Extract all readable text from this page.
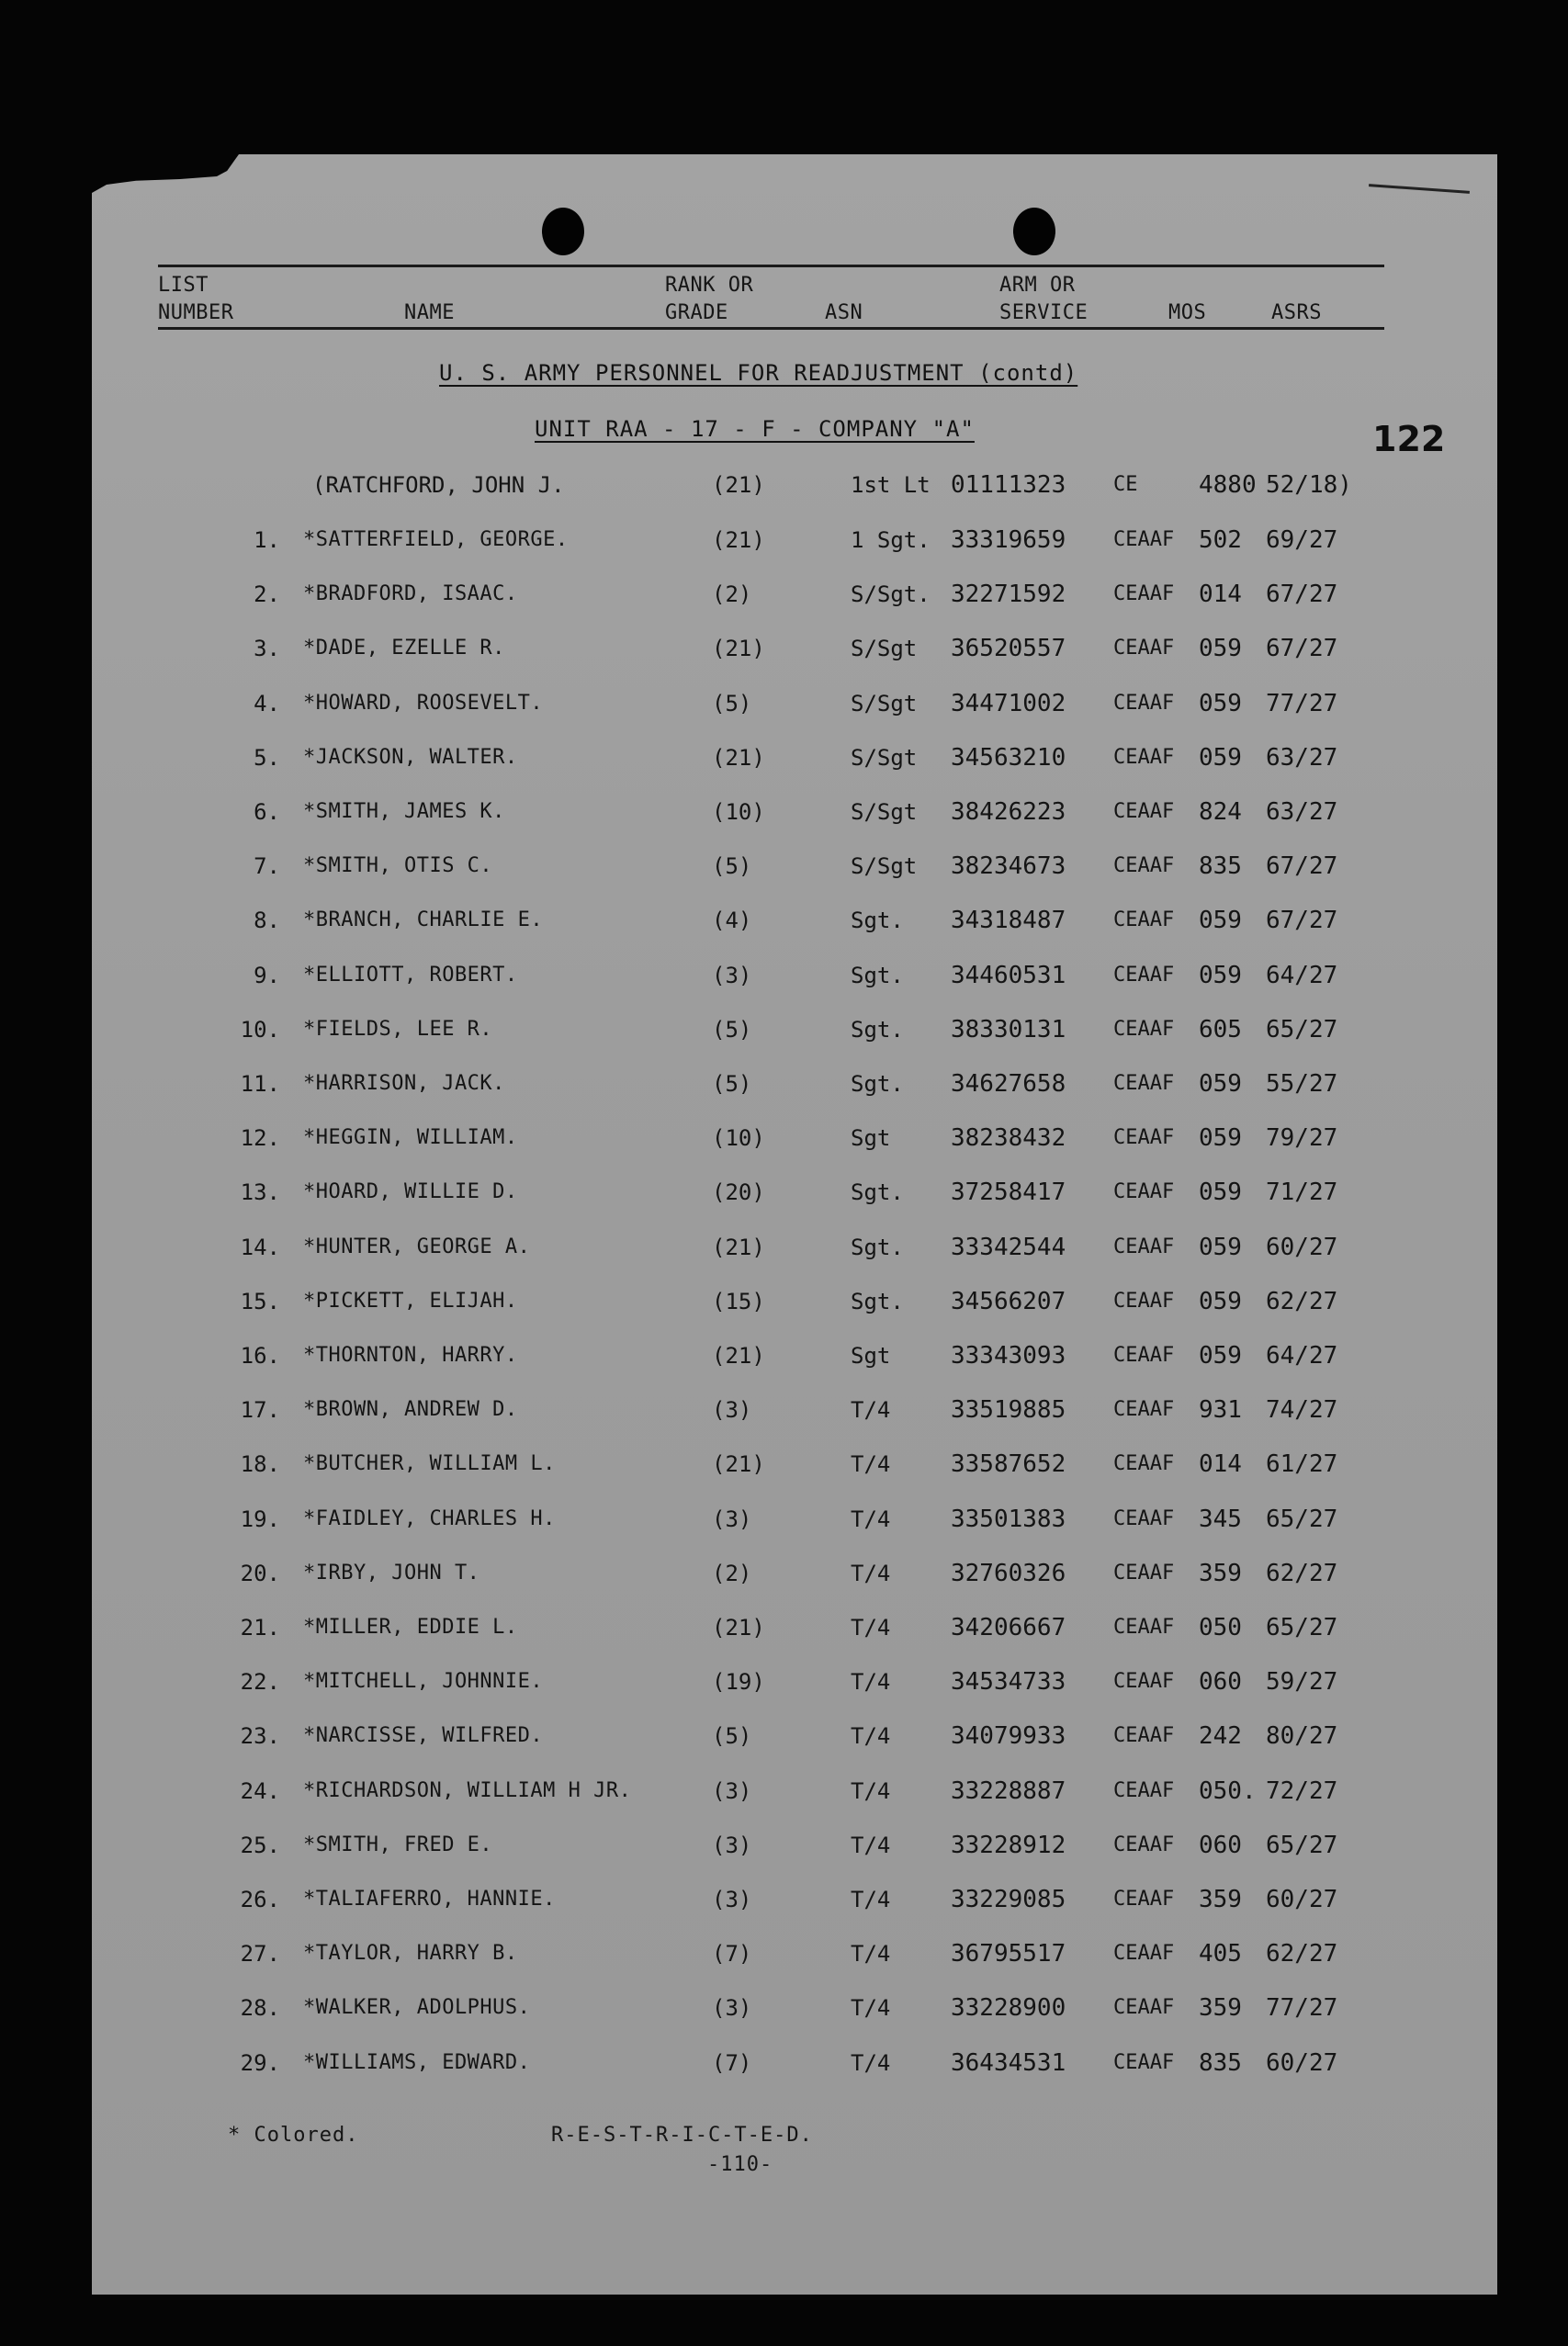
LIST
NUMBER	NAME
RANK OR
GRADE	ASN
ARM OR
SERVICE	MOS	ASRS
U. S. ARMY PERSONNEL FOR READJUSTMENT (contd)
UNIT RAA - 17 - F - COMPANY "A"	122
(RATCHFORD, JOHN J.	(21)	1st Lt 01111323 CE	4880 52/18)
1. *SATTERFIELD, GEORGE.	(21)	1 Sgt. 33319659 CEAAF 502 69/27
2. *BRADFORD, ISAAC.	(2)	S/Sgt. 32271592 CEAAF 014 67/27
3. *DADE, EZELLE R.	(21)	S/Sgt 36520557 CEAAF 059 67/27
4. *HOWARD, ROOSEVELT.	(5)	S/Sgt 34471002 CEAAF 059 77/27
5. *JACKSON, WALTER.	(21)	S/Sgt 34563210 CEAAF 059 63/27
6. *SMITH, JAMES K.	(10)	S/Sgt 38426223 CEAAF 824 63/27
7. *SMITH, OTIS C.	(5)	S/Sgt 38234673 CEAAF 835 67/27
8. *BRANCH, CHARLIE E.	(4)	Sgt. 34318487 CEAAF 059 67/27
9. *ELLIOTT, ROBERT.	(3)	Sgt. 34460531 CEAAF 059 64/27
10. *FIELDS, LEE R.	(5)	Sgt. 38330131 CEAAF 605 65/27
11. *HARRISON, JACK.	(5)	Sgt. 34627658 CEAAF 059 55/27
12. *HEGGIN, WILLIAM.	(10)	Sgt	38238432 CEAAF 059 79/27
13. *HOARD, WILLIE D.	(20)	Sgt. 37258417 CEAAF 059 71/27
14. *HUNTER, GEORGE A.	(21)	Sgt. 33342544 CEAAF 059 60/27
15. *PICKETT, ELIJAH.	(15)	Sgt. 34566207 CEAAF 059 62/27
16. *THORNTON, HARRY.	(21)	Sgt	33343093 CEAAF 059 64/27
17. *BROWN, ANDREW D.	(3)	T/4	33519885 CEAAF 931 74/27
18. *BUTCHER, WILLIAM L.	(21)	T/4	33587652 CEAAF 014 61/27
19. *FAIDLEY, CHARLES H.	(3)	T/4	33501383 CEAAF 345 65/27
20. *IRBY, JOHN T.	(2)	T/4	32760326 CEAAF 359 62/27
21. *MILLER, EDDIE L.	(21)	T/4	34206667 CEAAF 050 65/27
22. *MITCHELL, JOHNNIE.	(19)	T/4	34534733 CEAAF 060 59/27
23. *NARCISSE, WILFRED.	(5)	T/4	34079933 CEAAF 242 80/27
24. *RICHARDSON, WILLIAM H JR.	(3)	T/4	33228887 CEAAF 050. 72/27
25. *SMITH, FRED E.	(3)	T/4	33228912 CEAAF 060 65/27
26. *TALIAFERRO, HANNIE.	(3)	T/4	33229085 CEAAF 359 60/27
27. *TAYLOR, HARRY B.	(7)	T/4	36795517 CEAAF 405 62/27
28. *WALKER, ADOLPHUS.	(3)	T/4	33228900 CEAAF 359 77/27
29. *WILLIAMS, EDWARD.	(7)	T/4	36434531 CEAAF 835 60/27
* Colored.	R-E-S-T-R-I-C-T-E-D.
-110-
